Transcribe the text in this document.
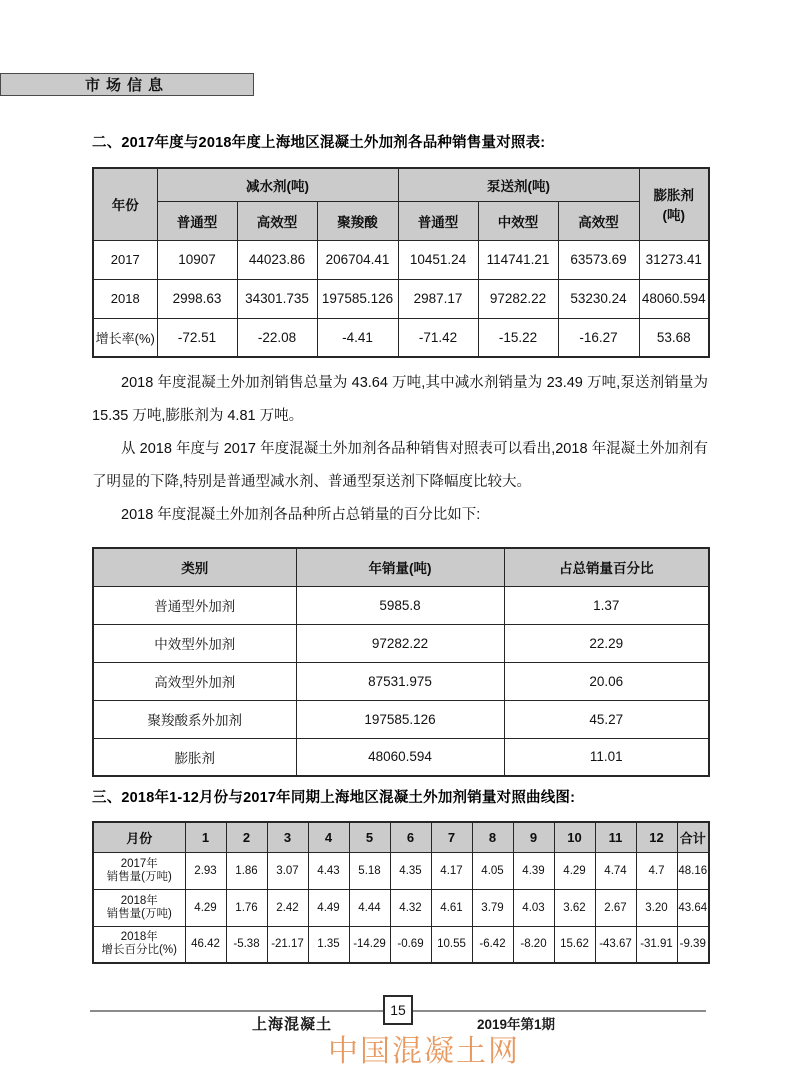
市场信息
二、2017年度与2018年度上海地区混凝土外加剂各品种销售量对照表:
年份	减水剂(吨)			泵送剂(吨)			膨胀剂
(吨)
	普通型	高效型	聚羧酸	普通型	中效型	高效型	
2017	10907	44023.86	206704.41	10451.24	114741.21	63573.69	31273.41
2018	2998.63	34301.735	197585.126	2987.17	97282.22	53230.24	48060.594
增长率(%)	-72.51	-22.08	-4.41	-71.42	-15.22	-16.27	53.68

2018 年度混凝土外加剂销售总量为 43.64 万吨,其中减水剂销量为 23.49 万吨,泵送剂销量为 15.35 万吨,膨胀剂为 4.81 万吨。

从 2018 年度与 2017 年度混凝土外加剂各品种销售对照表可以看出,2018 年混凝土外加剂有了明显的下降,特别是普通型减水剂、普通型泵送剂下降幅度比较大。

2018 年度混凝土外加剂各品种所占总销量的百分比如下:

类别	年销量(吨)	占总销量百分比
普通型外加剂	5985.8	1.37
中效型外加剂	97282.22	22.29
高效型外加剂	87531.975	20.06
聚羧酸系外加剂	197585.126	45.27
膨胀剂	48060.594	11.01
三、2018年1-12月份与2017年同期上海地区混凝土外加剂销量对照曲线图:
月份	1	2	3	4	5	6	7	8	9	10	11	12	合计
2017年
销售量(万吨)	2.93	1.86	3.07	4.43	5.18	4.35	4.17	4.05	4.39	4.29	4.74	4.7	48.16
2018年
销售量(万吨)	4.29	1.76	2.42	4.49	4.44	4.32	4.61	3.79	4.03	3.62	2.67	3.20	43.64
2018年
增长百分比(%)	46.42	-5.38	-21.17	1.35	-14.29	-0.69	10.55	-6.42	-8.20	15.62	-43.67	-31.91	-9.39
上海混凝土
15
2019年第1期
中国混凝土网
